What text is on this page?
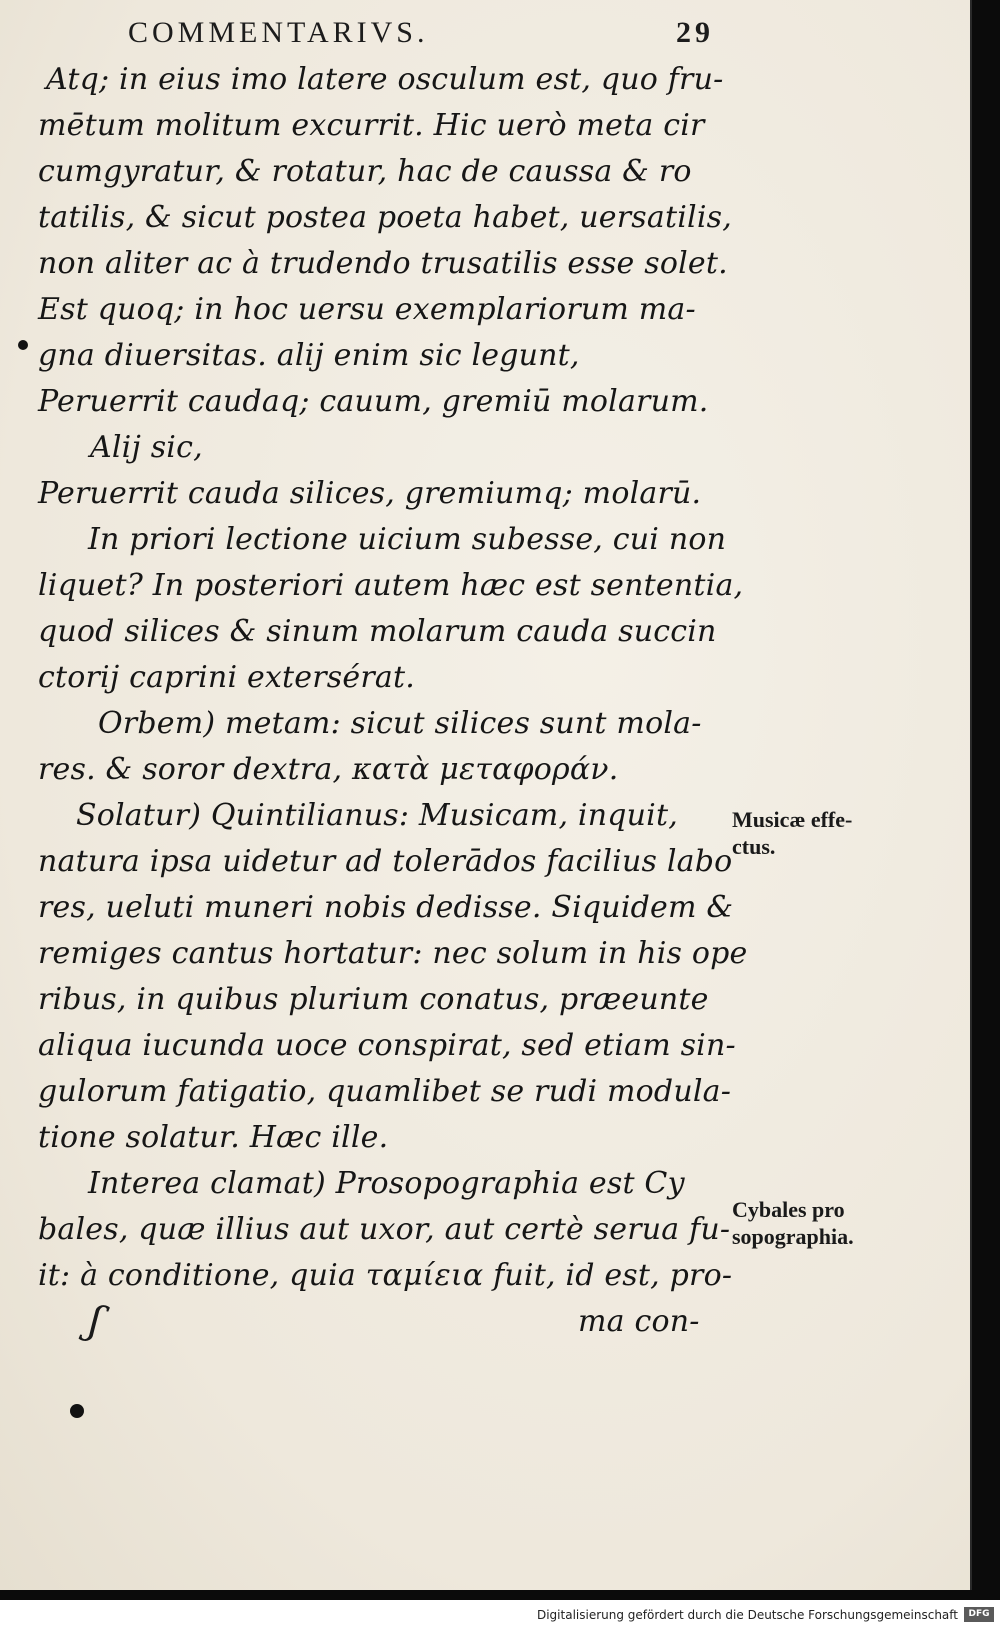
COMMENTARIVS.	29
Atq; in eius imo latere osculum est, quo fru-
mētum molitum excurrit. Hic uerò meta cir
cumgyratur, & rotatur, hac de caussa & ro
tatilis, & sicut postea poeta habet, uersatilis,
non aliter ac à trudendo trusatilis esse solet.
Est quoq; in hoc uersu exemplariorum ma-
gna diuersitas. alij enim sic legunt,
Peruerrit caudaq; cauum, gremiū molarum.
Alij sic,
Peruerrit cauda silices, gremiumq; molarū.
In priori lectione uicium subesse, cui non
liquet? In posteriori autem hæc est sententia,
quod silices & sinum molarum cauda succin
ctorij caprini extersérat.
Orbem) metam: sicut silices sunt mola-
res. & soror dextra, κατὰ μεταφοράν.
Solatur) Quintilianus: Musicam, inquit,
natura ipsa uidetur ad tolerādos facilius labo
res, ueluti muneri nobis dedisse. Siquidem &
remiges cantus hortatur: nec solum in his ope
ribus, in quibus plurium conatus, præeunte
aliqua iucunda uoce conspirat, sed etiam sin-
gulorum fatigatio, quamlibet se rudi modula-
tione solatur. Hæc ille.
Interea clamat) Prosopographia est Cy
bales, quæ illius aut uxor, aut certè serua fu-
it: à conditione, quia ταμίεια fuit, id est, pro-
ma con-
Musicæ effe-
ctus.
Cybales pro
sopographia.
ʃ
Digitalisierung gefördert durch die Deutsche Forschungsgemeinschaft	DFG
